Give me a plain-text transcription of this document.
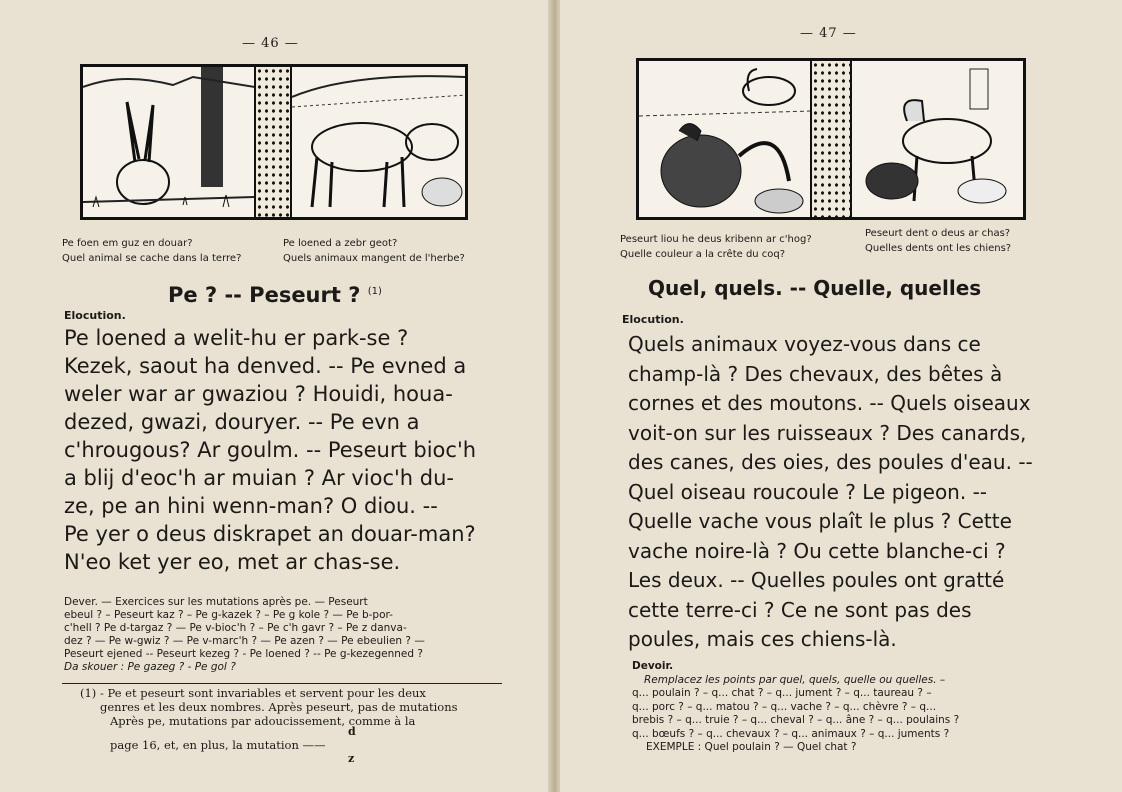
— 46 —
Pe foen em guz en douar?
Quel animal se cache dans la terre?
Pe loened a zebr geot?
Quels animaux mangent de l'herbe?
Pe ? -- Peseurt ? $^{(1)}$
Elocution.
Pe loened a welit-hu er park-se ?
Kezek, saout ha denved. -- Pe evned a
weler war ar gwaziou ? Houidi, houa-
dezed, gwazi, douryer. -- Pe evn a
c'hrougous? Ar goulm. -- Peseurt bioc'h
a blij d'eoc'h ar muian ? Ar vioc'h du-
ze, pe an hini wenn-man? O diou. --
Pe yer o deus diskrapet an douar-man?
N'eo ket yer eo, met ar chas-se.
Dever. — Exercices sur les mutations après pe. — Peseurt
ebeul ? – Peseurt kaz ? – Pe g-kazek ? – Pe g kole ? — Pe b-por-
c'hell ? Pe d-targaz ? — Pe v-bioc'h ? – Pe c'h gavr ? – Pe z danva-
dez ? — Pe w-gwiz ? — Pe v-marc'h ? — Pe azen ? — Pe ebeulien ? —
Peseurt ejened -- Peseurt kezeg ? - Pe loened ? -- Pe g-kezegenned ?
Da skouer : Pe gazeg ? - Pe gol ?
(1) - Pe et peseurt sont invariables et servent pour les deux
genres et les deux nombres. Après peseurt, pas de mutations
Après pe, mutations par adoucissement, comme à la
page 16, et, en plus, la mutation ——
d
z
— 47 —
Peseurt liou he deus kribenn ar c'hog?
Quelle couleur a la crête du coq?
Peseurt dent o deus ar chas?
Quelles dents ont les chiens?
Quel, quels. -- Quelle, quelles
Elocution.
Quels animaux voyez-vous dans ce
champ-là ? Des chevaux, des bêtes à
cornes et des moutons. -- Quels oiseaux
voit-on sur les ruisseaux ? Des canards,
des canes, des oies, des poules d'eau. --
Quel oiseau roucoule ? Le pigeon. --
Quelle vache vous plaît le plus ? Cette
vache noire-là ? Ou cette blanche-ci ?
Les deux. -- Quelles poules ont gratté
cette terre-ci ? Ce ne sont pas des
poules, mais ces chiens-là.
Devoir.
Remplacez les points par quel, quels, quelle ou quelles. –
q... poulain ? – q... chat ? – q... jument ? – q... taureau ? –
q... porc ? – q... matou ? – q... vache ? – q... chèvre ? – q...
brebis ? – q... truie ? – q... cheval ? – q... âne ? – q... poulains ?
q... bœufs ? – q... chevaux ? – q... animaux ? – q... juments ?
EXEMPLE : Quel poulain ? — Quel chat ?
